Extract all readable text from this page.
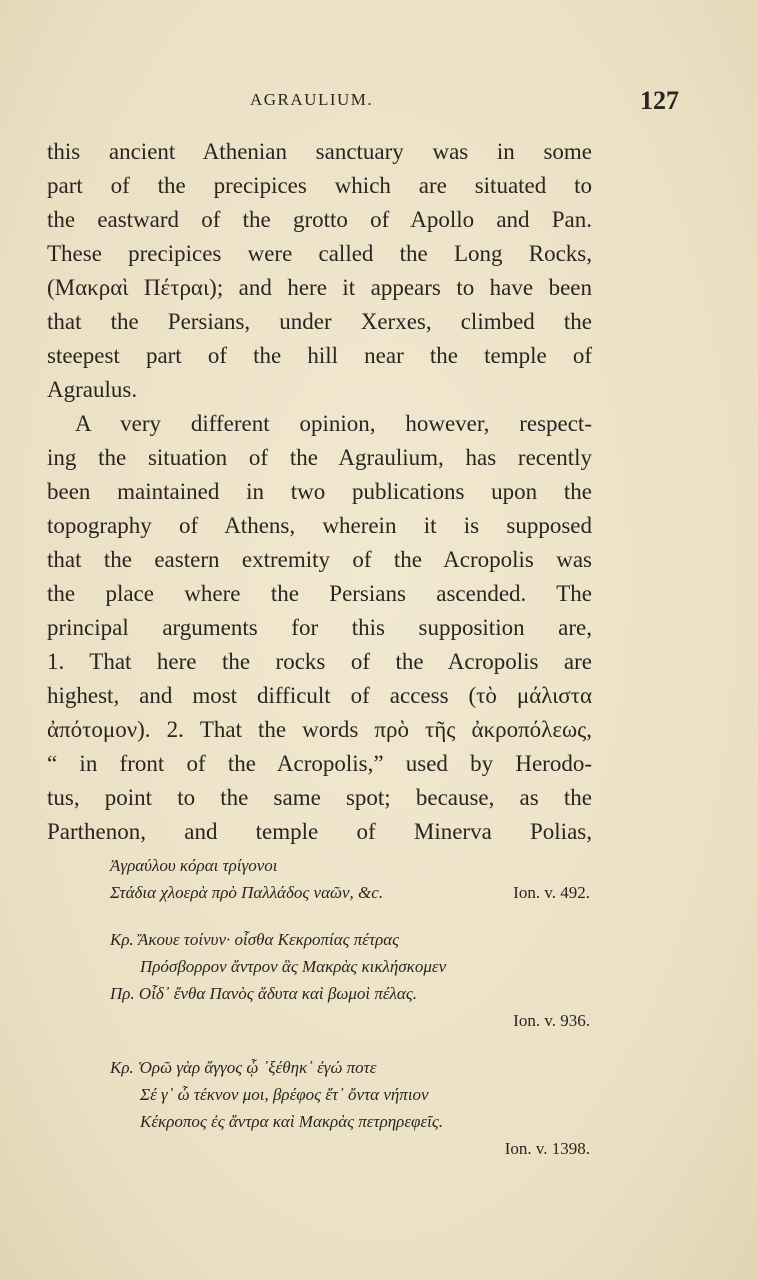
AGRAULIUM.	127
this ancient Athenian sanctuary was in some
part of the precipices which are situated to
the eastward of the grotto of Apollo and Pan.
These precipices were called the Long Rocks,
(Μακραὶ Πέτραι); and here it appears to have been
that the Persians, under Xerxes, climbed the
steepest part of the hill near the temple of
Agraulus.
A very different opinion, however, respect-
ing the situation of the Agraulium, has recently
been maintained in two publications upon the
topography of Athens, wherein it is supposed
that the eastern extremity of the Acropolis was
the place where the Persians ascended. The
principal arguments for this supposition are,
1. That here the rocks of the Acropolis are
highest, and most difficult of access (τὸ μάλιστα
ἀπότομον). 2. That the words πρὸ τῆς ἀκροπόλεως,
“ in front of the Acropolis,” used by Herodo-
tus, point to the same spot; because, as the
Parthenon, and temple of Minerva Polias,
Ἀγραύλου κόραι τρίγονοι
Στάδια χλοερὰ πρὸ Παλλάδος ναῶν, &c.	Ion. v. 492.
Κρ. Ἄκουε τοίνυν· οἶσθα Κεκροπίας πέτρας
Πρόσβορρον ἄντρον ἃς Μακρὰς κικλήσκομεν
Πρ. Οἶδ᾽ ἔνθα Πανὸς ἄδυτα καὶ βωμοὶ πέλας.
Ion. v. 936.
Κρ. Ὁρῶ γὰρ ἄγγος ᾧ ᾽ξέθηκ᾽ ἐγώ ποτε
Σέ γ᾽ ὦ τέκνον μοι, βρέφος ἔτ᾽ ὄντα νήπιον
Κέκροπος ἐς ἄντρα καὶ Μακρὰς πετρηρεφεῖς.
Ion. v. 1398.
